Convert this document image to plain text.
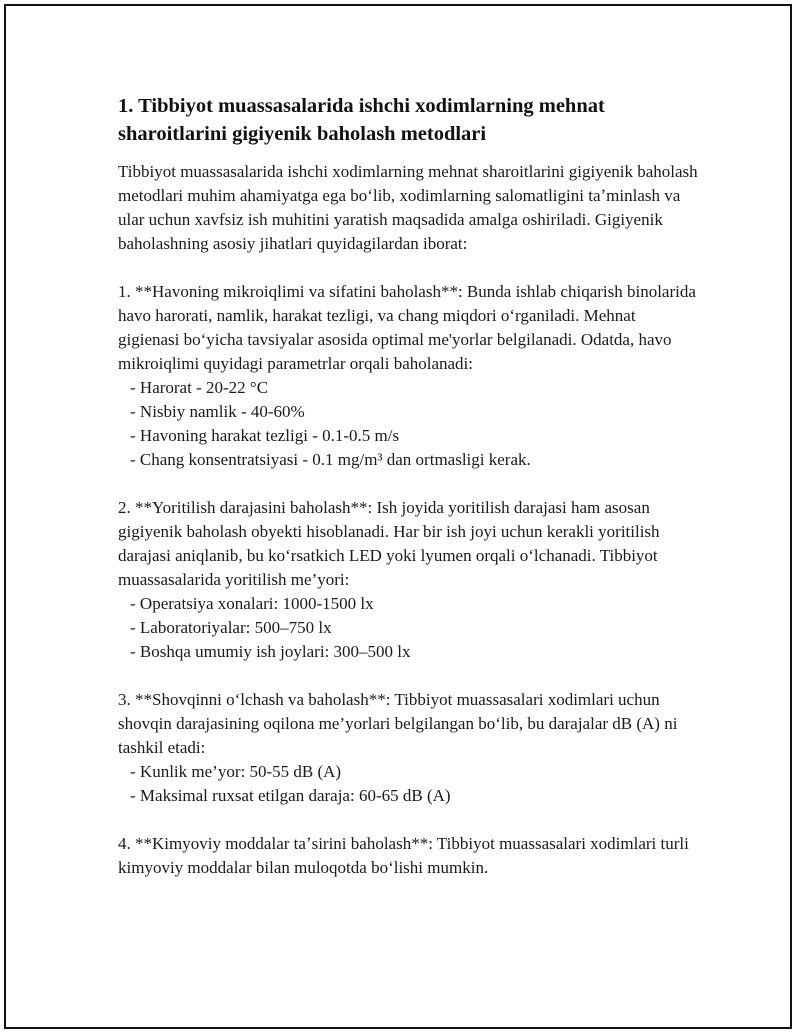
1. Tibbiyot muassasalarida ishchi xodimlarning mehnat sharoitlarini gigiyenik baholash metodlari

Tibbiyot muassasalarida ishchi xodimlarning mehnat sharoitlarini gigiyenik baholash metodlari muhim ahamiyatga ega boʻlib, xodimlarning salomatligini taʼminlash va ular uchun xavfsiz ish muhitini yaratish maqsadida amalga oshiriladi. Gigiyenik baholashning asosiy jihatlari quyidagilardan iborat:

1. **Havoning mikroiqlimi va sifatini baholash**: Bunda ishlab chiqarish binolarida havo harorati, namlik, harakat tezligi, va chang miqdori oʻrganiladi. Mehnat gigienasi boʻyicha tavsiyalar asosida optimal me'yorlar belgilanadi. Odatda, havo mikroiqlimi quyidagi parametrlar orqali baholanadi:

- Harorat - 20-22 °C
- Nisbiy namlik - 40-60%
- Havoning harakat tezligi - 0.1-0.5 m/s
- Chang konsentratsiyasi - 0.1 mg/m³ dan ortmasligi kerak.

2. **Yoritilish darajasini baholash**: Ish joyida yoritilish darajasi ham asosan gigiyenik baholash obyekti hisoblanadi. Har bir ish joyi uchun kerakli yoritilish darajasi aniqlanib, bu koʻrsatkich LED yoki lyumen orqali oʻlchanadi. Tibbiyot muassasalarida yoritilish me’yori:

- Operatsiya xonalari: 1000-1500 lx
- Laboratoriyalar: 500–750 lx
- Boshqa umumiy ish joylari: 300–500 lx

3. **Shovqinni oʻlchash va baholash**: Tibbiyot muassasalari xodimlari uchun shovqin darajasining oqilona me’yorlari belgilangan boʻlib, bu darajalar dB (A) ni tashkil etadi:

- Kunlik me’yor: 50-55 dB (A)
- Maksimal ruxsat etilgan daraja: 60-65 dB (A)

4. **Kimyoviy moddalar taʼsirini baholash**: Tibbiyot muassasalari xodimlari turli kimyoviy moddalar bilan muloqotda boʻlishi mumkin.
